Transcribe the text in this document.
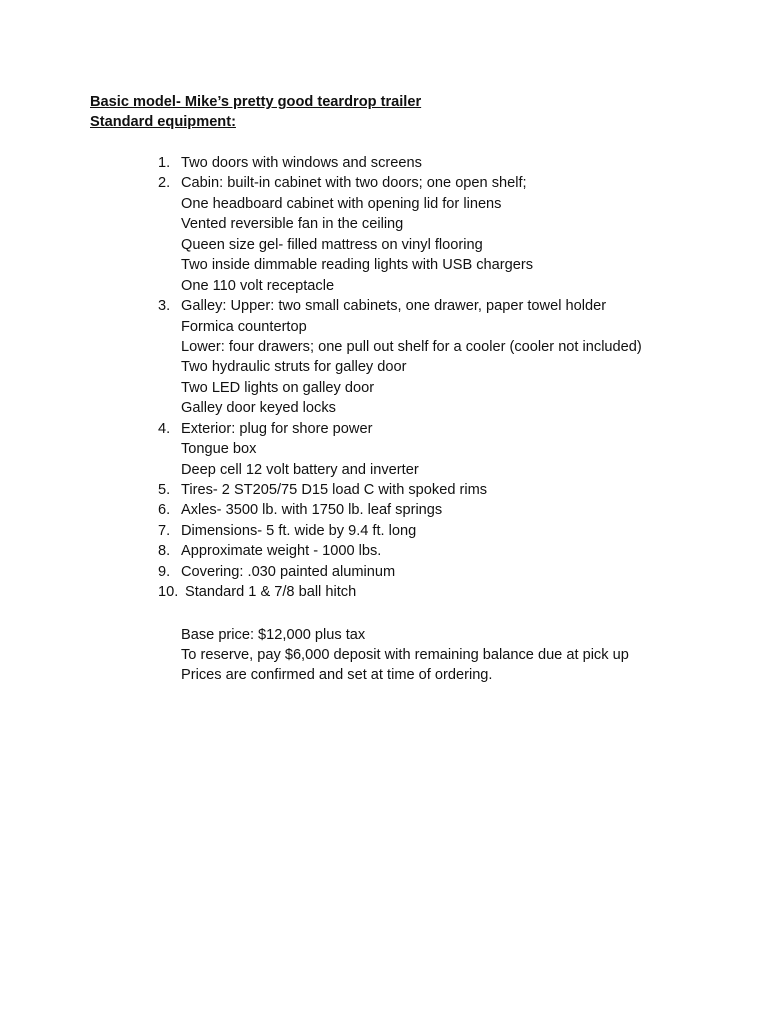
Basic model- Mike’s pretty good teardrop trailer
Standard equipment:
1. Two doors with windows and screens
2. Cabin: built-in cabinet with two doors; one open shelf;
One headboard cabinet with opening lid for linens
Vented reversible fan in the ceiling
Queen size gel- filled mattress on vinyl flooring
Two inside dimmable reading lights with USB chargers
One 110 volt receptacle
3. Galley: Upper: two small cabinets, one drawer, paper towel holder
Formica countertop
Lower: four drawers; one pull out shelf for a cooler (cooler not included)
Two hydraulic struts for galley door
Two LED lights on galley door
Galley door keyed locks
4. Exterior: plug for shore power
Tongue box
Deep cell 12 volt battery and inverter
5. Tires- 2 ST205/75 D15 load C with spoked rims
6. Axles- 3500 lb. with 1750 lb. leaf springs
7. Dimensions- 5 ft. wide by 9.4 ft. long
8. Approximate weight - 1000 lbs.
9. Covering: .030 painted aluminum
10. Standard 1 & 7/8 ball hitch
Base price: $12,000 plus tax
To reserve, pay $6,000 deposit with remaining balance due at pick up
Prices are confirmed and set at time of ordering.
